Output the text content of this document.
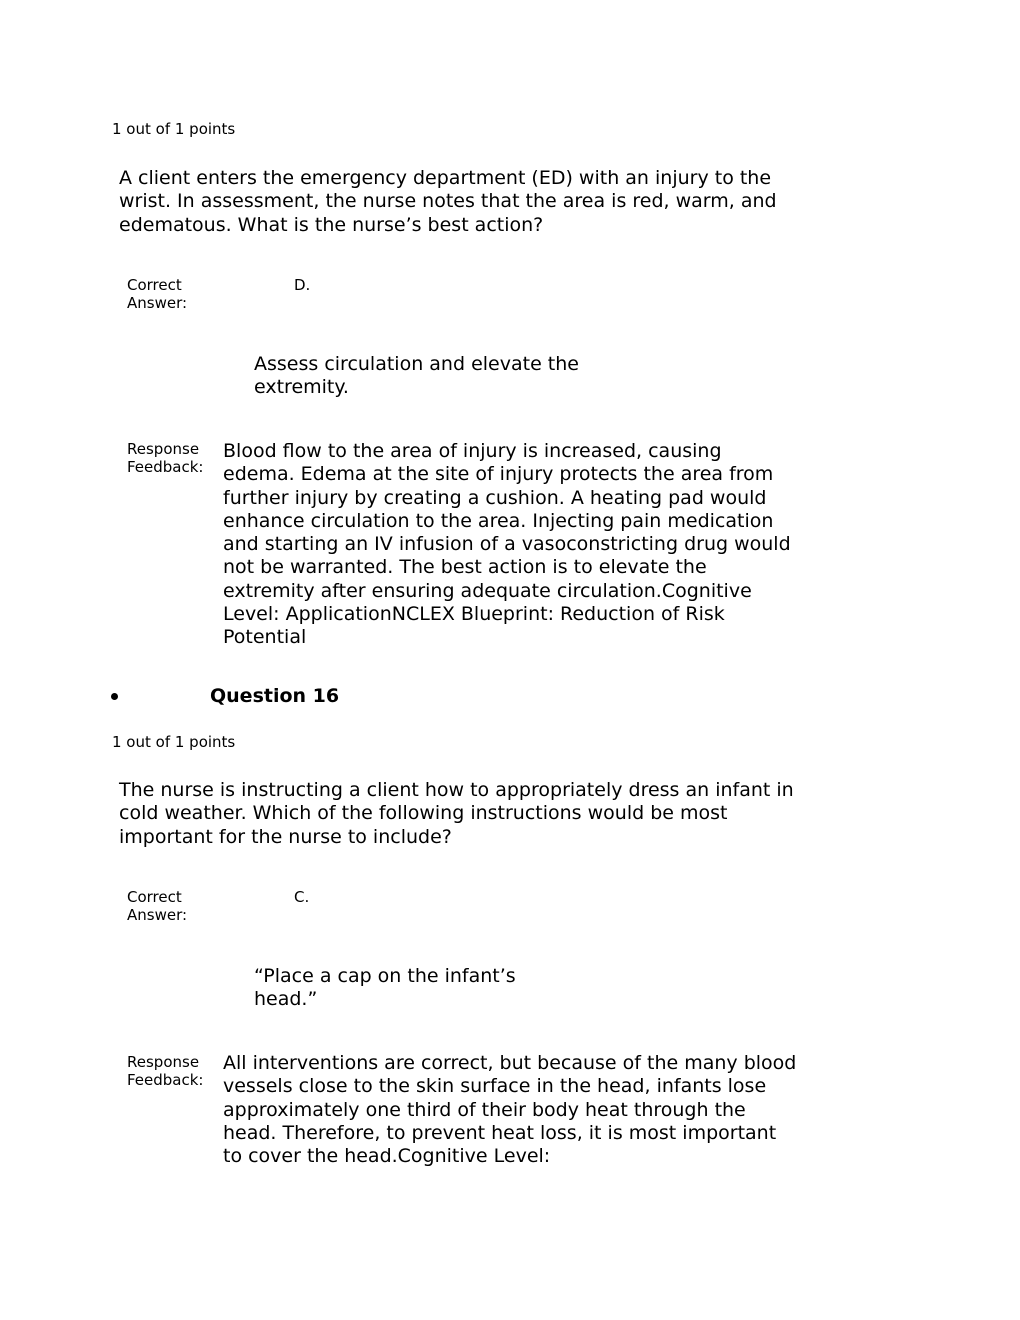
1 out of 1 points
A client enters the emergency department (ED) with an injury to the wrist. In assessment, the nurse notes that the area is red, warm, and edematous. What is the nurse’s best action?
Correct Answer:
D.
Assess circulation and elevate the extremity.
Response Feedback:
Blood flow to the area of injury is increased, causing edema. Edema at the site of injury protects the area from further injury by creating a cushion. A heating pad would enhance circulation to the area. Injecting pain medication and starting an IV infusion of a vasoconstricting drug would not be warranted. The best action is to elevate the extremity after ensuring adequate circulation.Cognitive Level: ApplicationNCLEX Blueprint: Reduction of Risk Potential
Question 16
1 out of 1 points
The nurse is instructing a client how to appropriately dress an infant in cold weather. Which of the following instructions would be most important for the nurse to include?
Correct Answer:
C.
“Place a cap on the infant’s head.”
Response Feedback:
All interventions are correct, but because of the many blood vessels close to the skin surface in the head, infants lose approximately one third of their body heat through the head. Therefore, to prevent heat loss, it is most important to cover the head.Cognitive Level:
